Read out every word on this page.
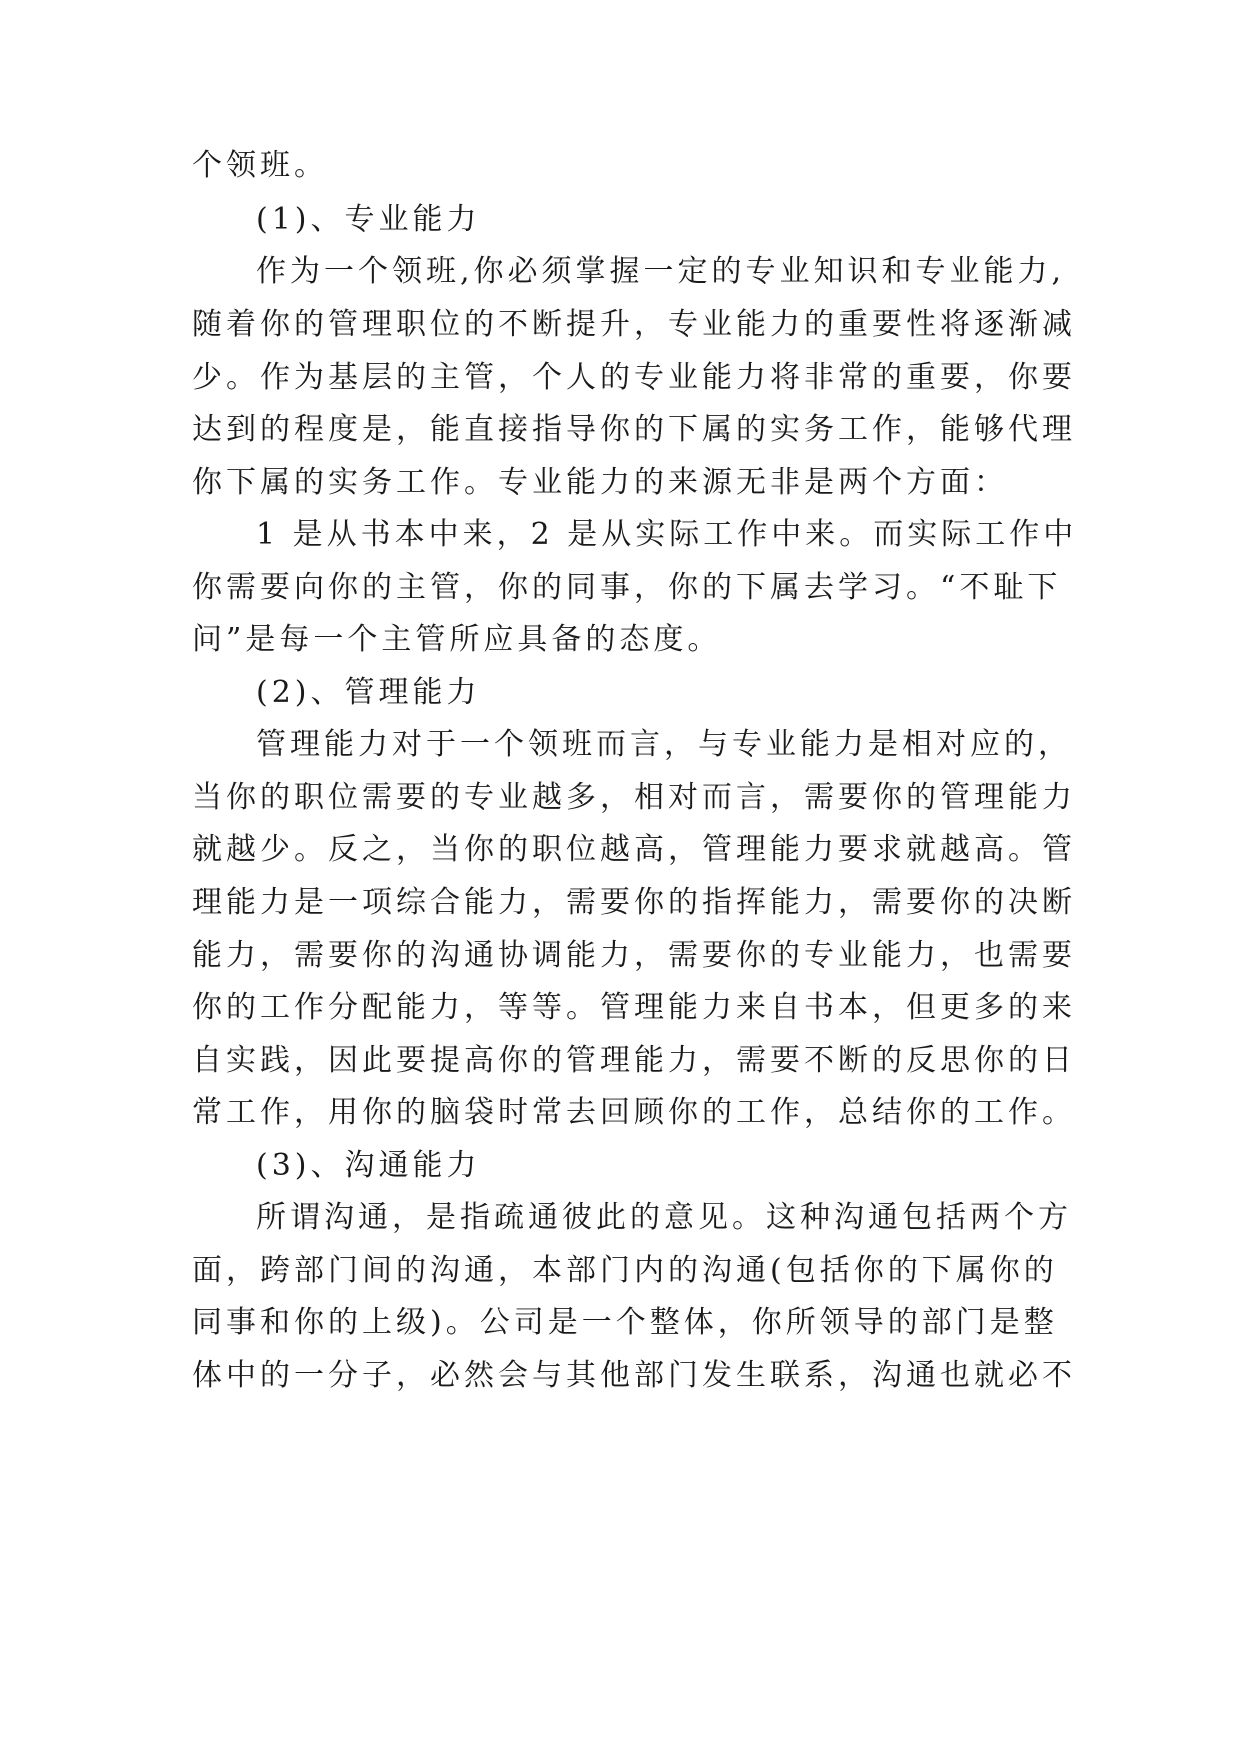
个领班。
(1)、专业能力
作为一个领班,你必须掌握一定的专业知识和专业能力,
随着你的管理职位的不断提升，专业能力的重要性将逐渐减
少。作为基层的主管，个人的专业能力将非常的重要，你要
达到的程度是，能直接指导你的下属的实务工作，能够代理
你下属的实务工作。专业能力的来源无非是两个方面：
1 是从书本中来，2 是从实际工作中来。而实际工作中
你需要向你的主管，你的同事，你的下属去学习。“不耻下
问”是每一个主管所应具备的态度。
(2)、管理能力
管理能力对于一个领班而言，与专业能力是相对应的，
当你的职位需要的专业越多，相对而言，需要你的管理能力
就越少。反之，当你的职位越高，管理能力要求就越高。管
理能力是一项综合能力，需要你的指挥能力，需要你的决断
能力，需要你的沟通协调能力，需要你的专业能力，也需要
你的工作分配能力，等等。管理能力来自书本，但更多的来
自实践，因此要提高你的管理能力，需要不断的反思你的日
常工作，用你的脑袋时常去回顾你的工作，总结你的工作。
(3)、沟通能力
所谓沟通，是指疏通彼此的意见。这种沟通包括两个方
面，跨部门间的沟通，本部门内的沟通(包括你的下属你的
同事和你的上级)。公司是一个整体，你所领导的部门是整
体中的一分子，必然会与其他部门发生联系，沟通也就必不
